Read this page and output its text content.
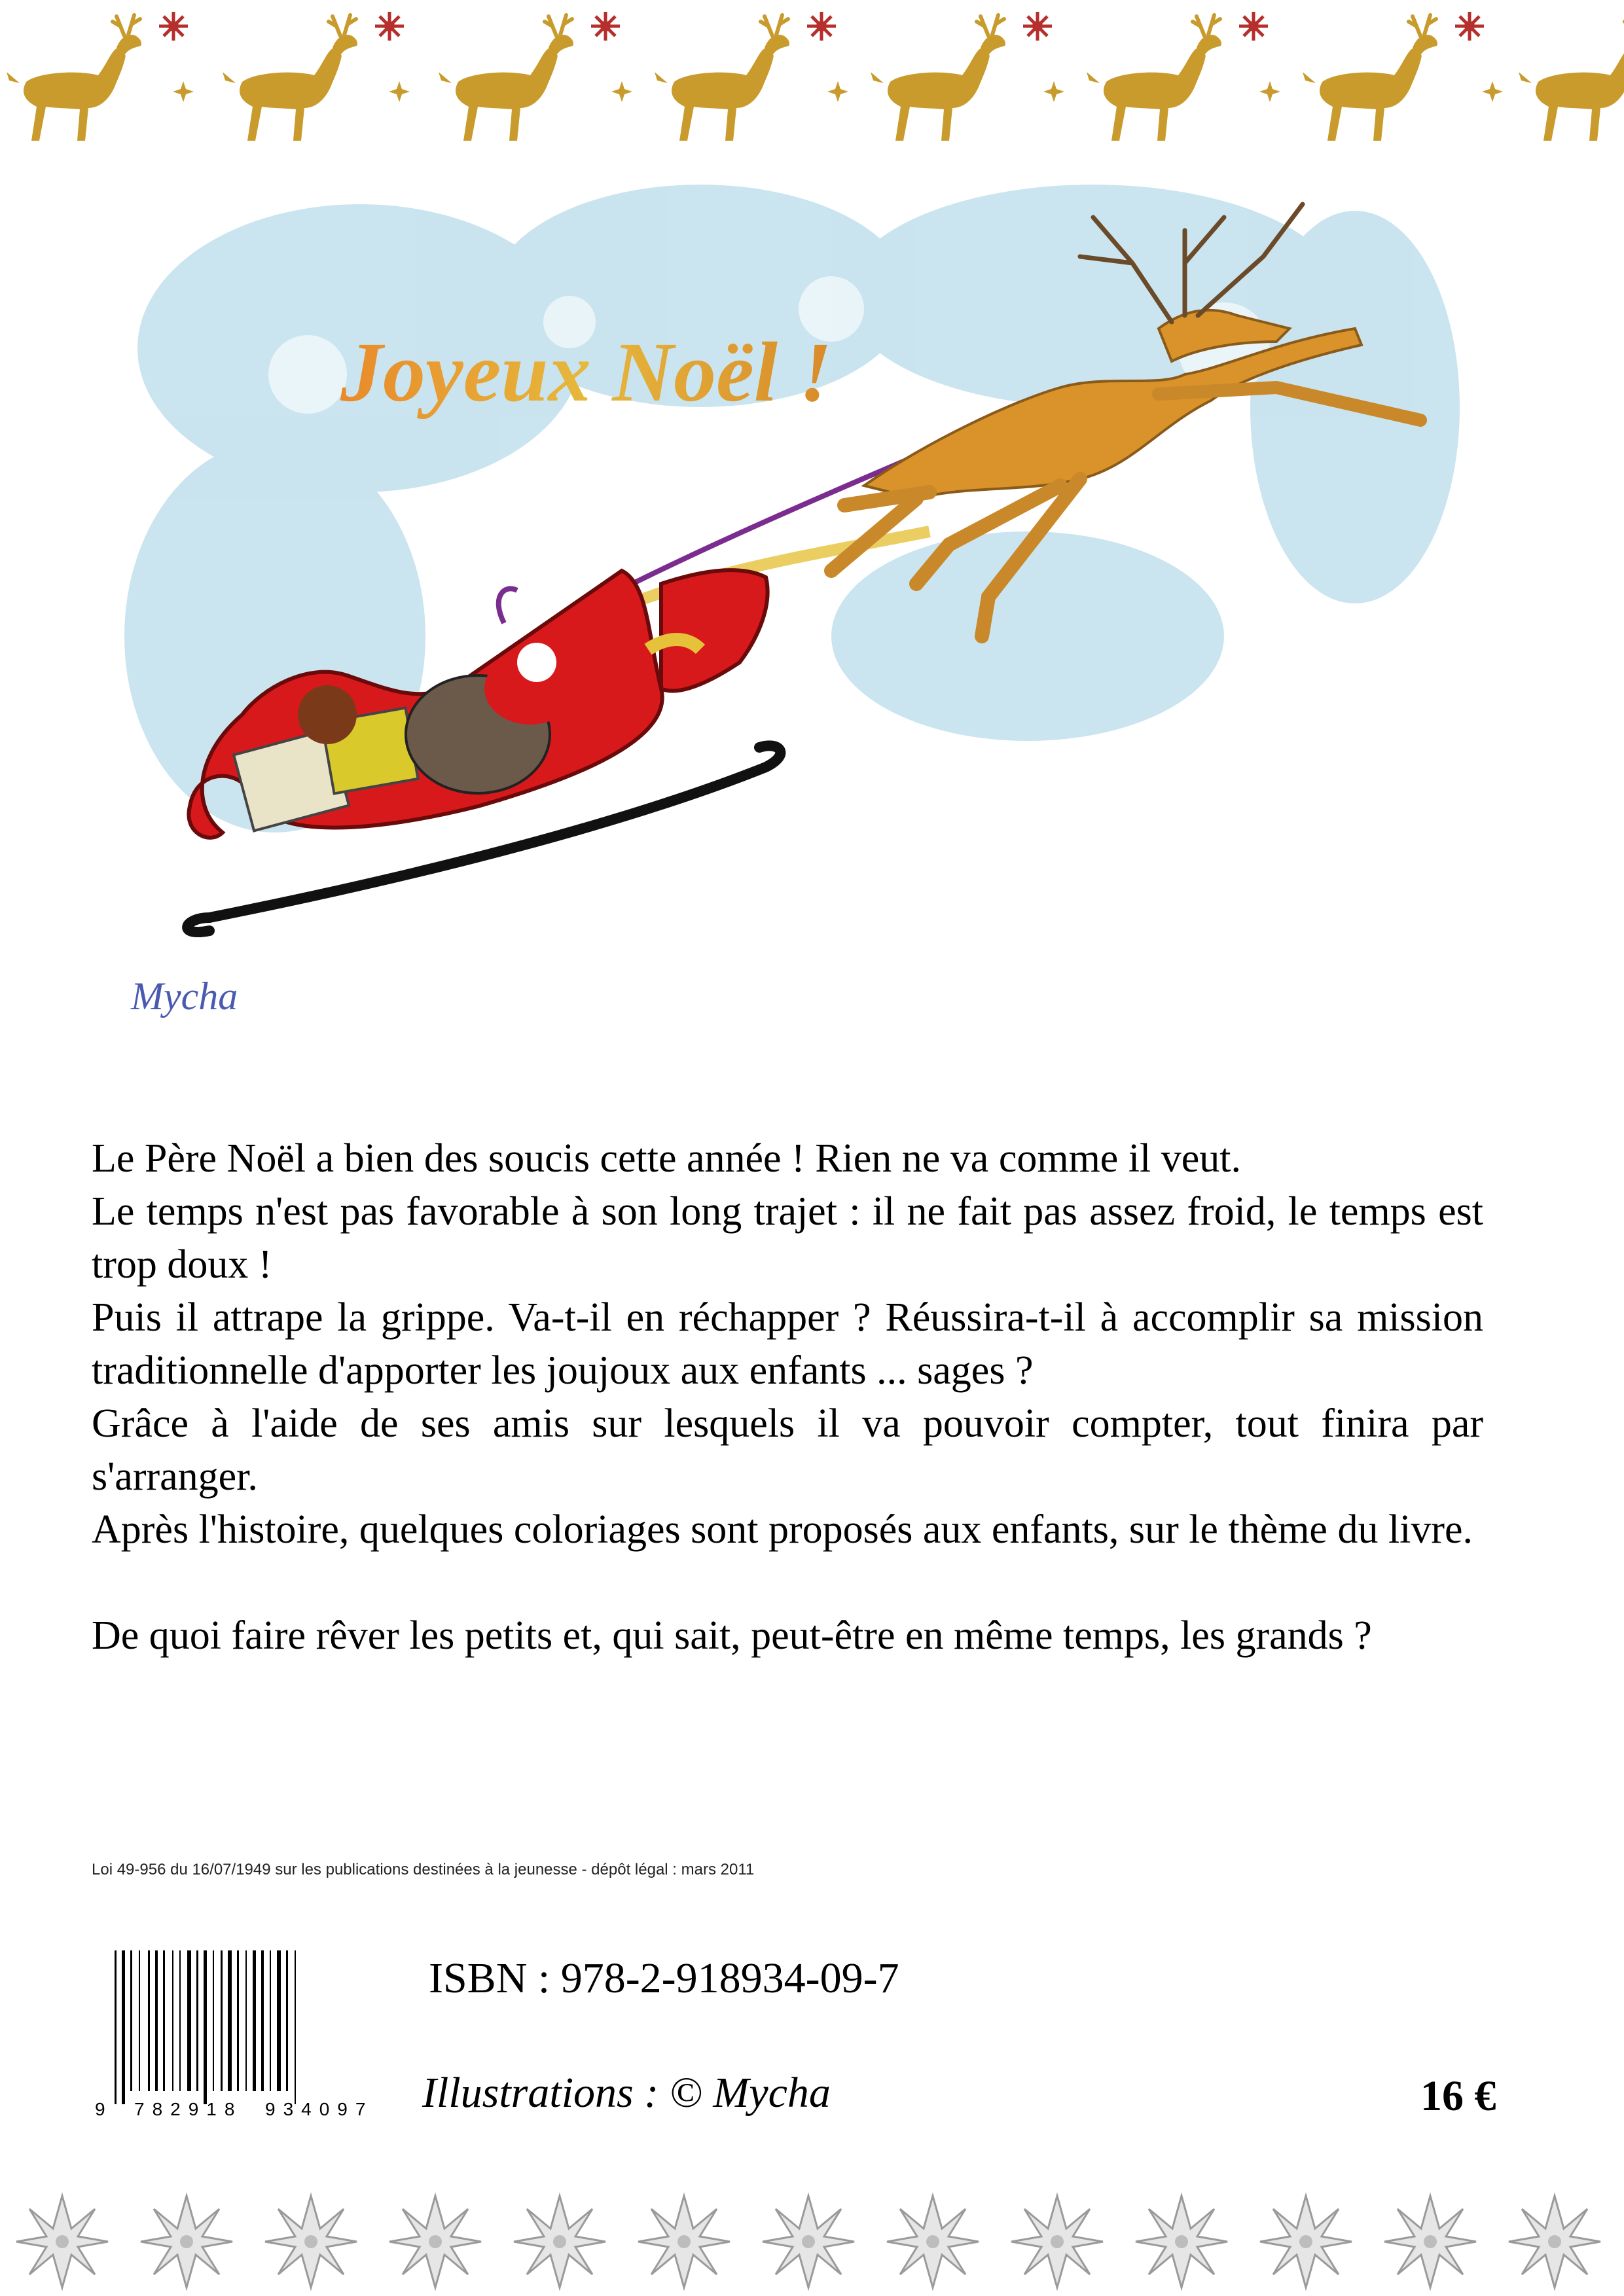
Joyeux Noël !
Mycha

Le Père Noël a bien des soucis cette année ! Rien ne va comme il veut.

Le temps n'est pas favorable à son long trajet : il ne fait pas assez froid, le temps est trop doux !

Puis il attrape la grippe. Va-t-il en réchapper ? Réussira-t-il à accomplir sa mission traditionnelle d'apporter les joujoux aux enfants ... sages ?

Grâce à l'aide de ses amis sur lesquels il va pouvoir compter, tout finira par s'arranger.

Après l'histoire, quelques coloriages sont proposés aux enfants, sur le thème du livre.

De quoi faire rêver les petits et, qui sait, peut-être en même temps, les grands ?

Loi 49-956 du 16/07/1949 sur les publications destinées à la jeunesse - dépôt légal : mars 2011
9 782918 934097
ISBN : 978-2-918934-09-7
Illustrations : © Mycha	16 €
